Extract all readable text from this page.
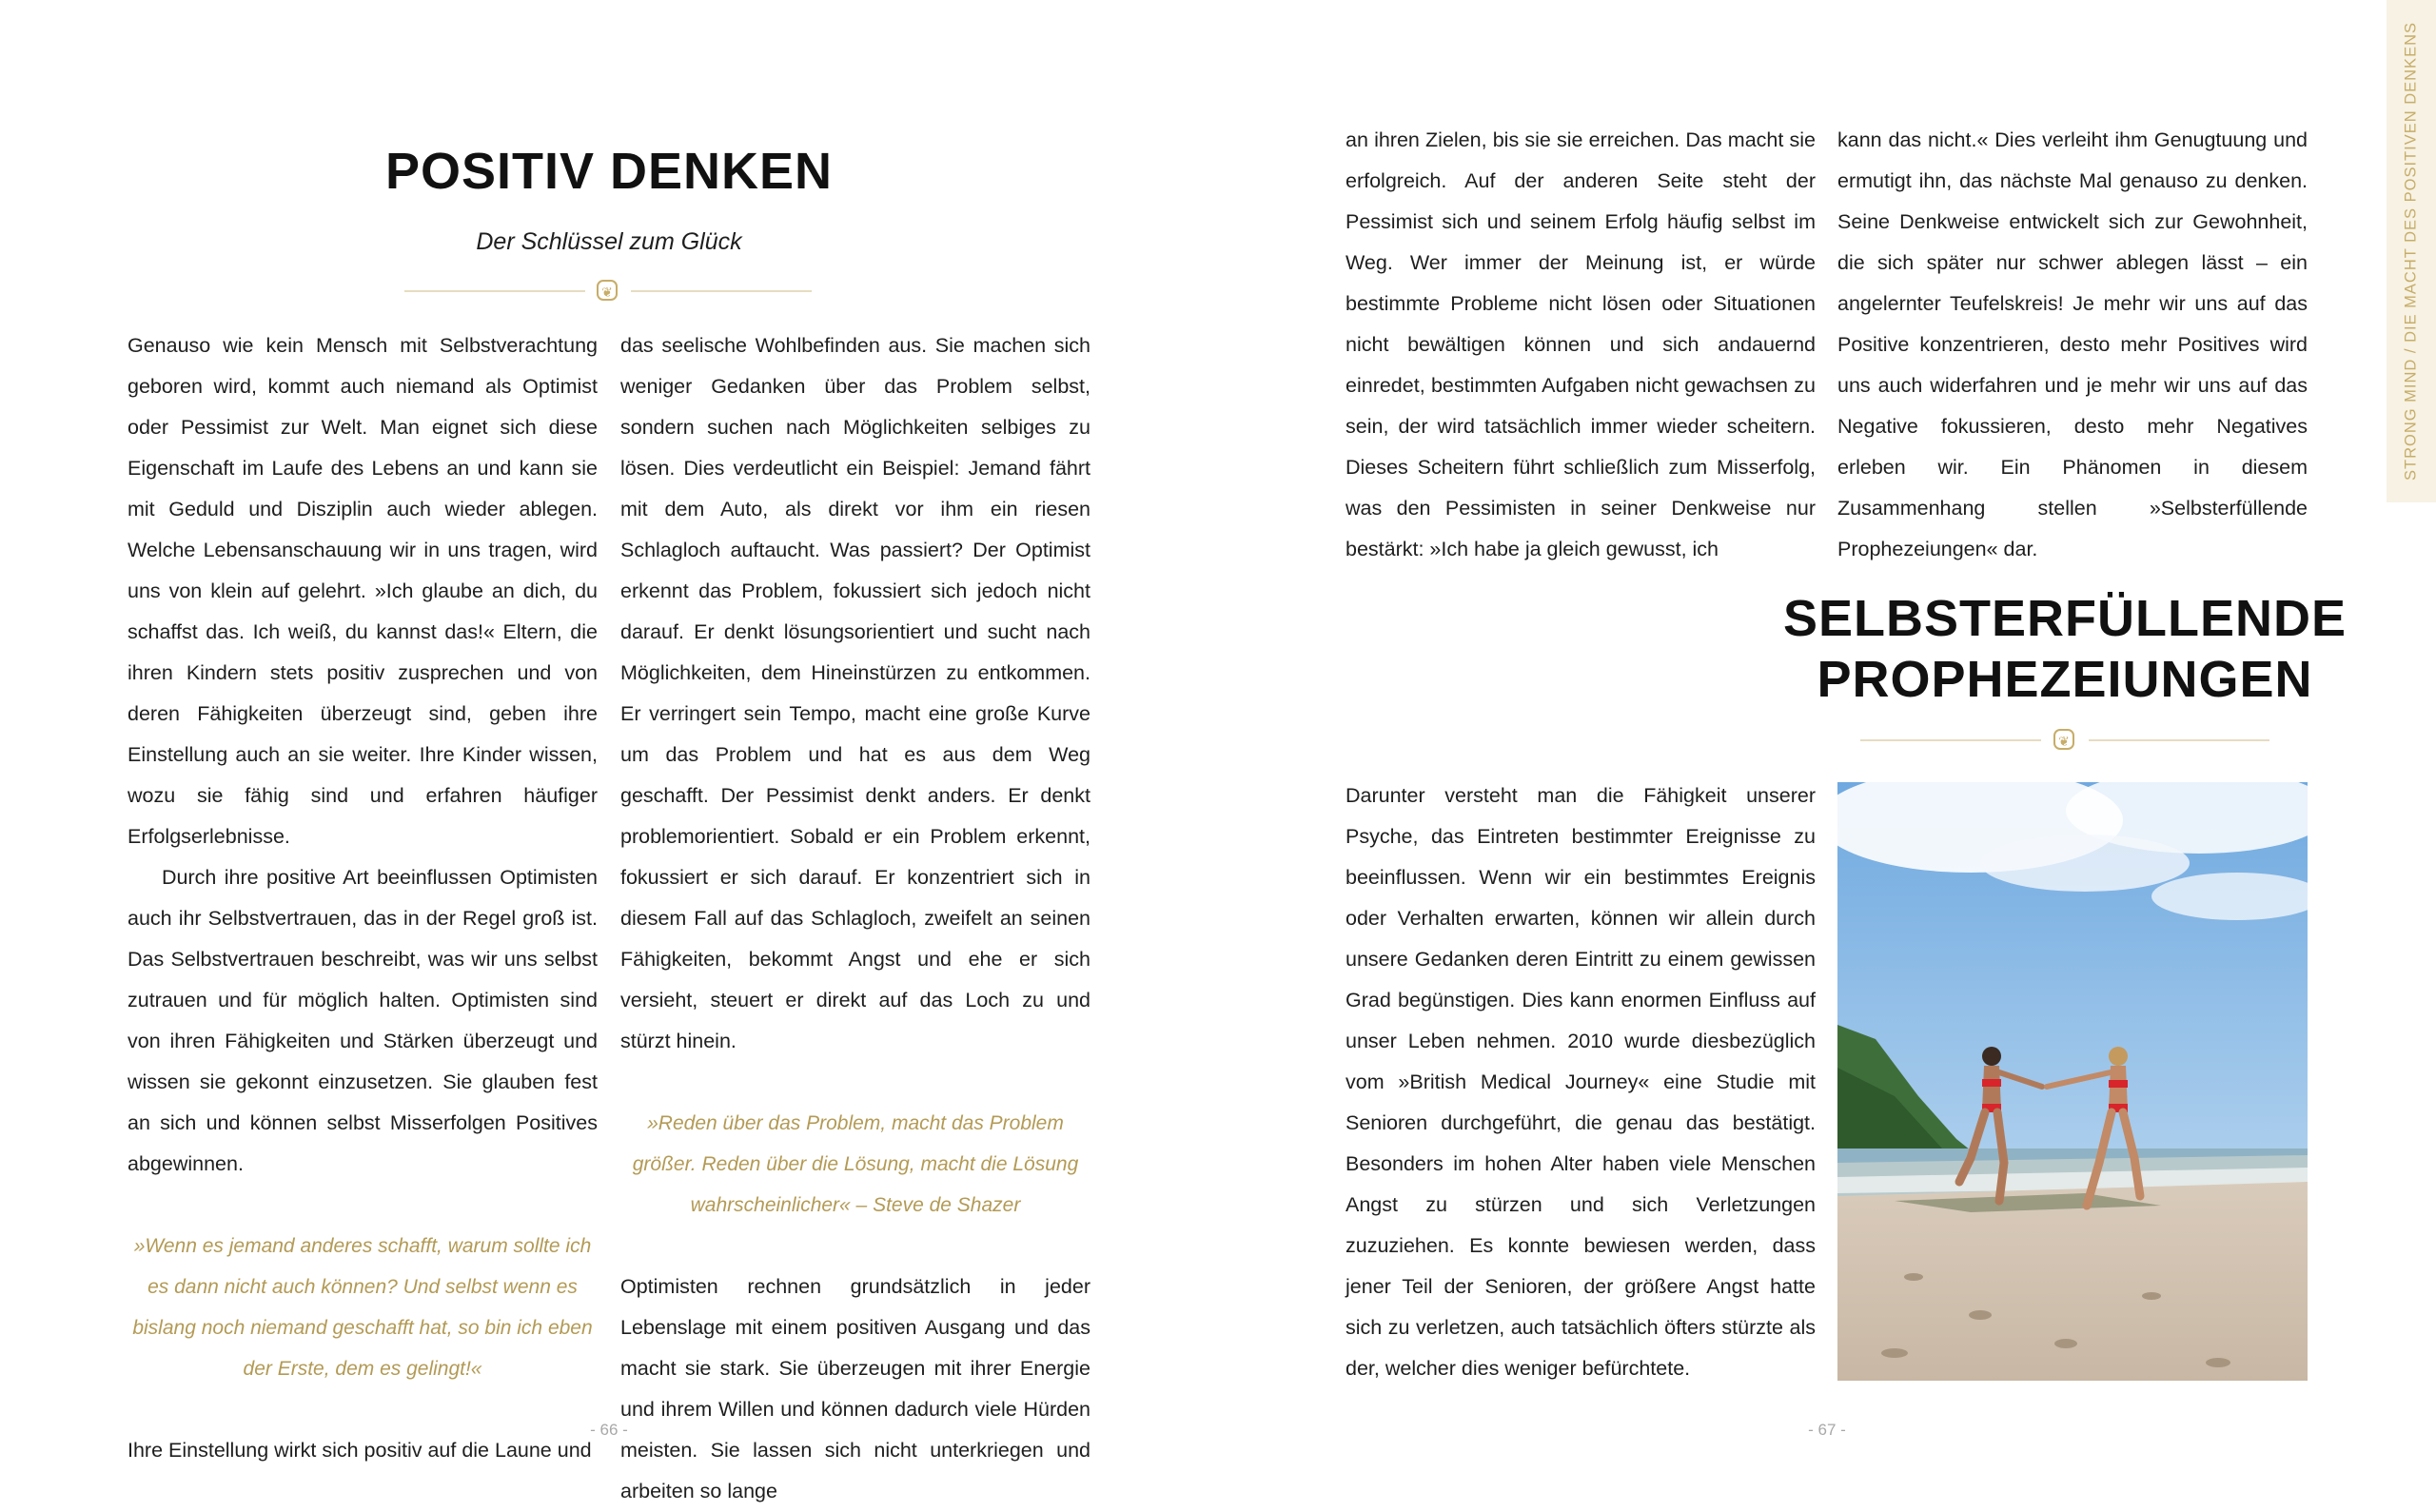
POSITIV DENKEN

Der Schlüssel zum Glück

❦

Genauso wie kein Mensch mit Selbstverachtung geboren wird, kommt auch niemand als Optimist oder Pessimist zur Welt. Man eignet sich diese Eigenschaft im Laufe des Lebens an und kann sie mit Geduld und Disziplin auch wieder ablegen. Welche Lebensanschauung wir in uns tragen, wird uns von klein auf gelehrt. »Ich glaube an dich, du schaffst das. Ich weiß, du kannst das!« Eltern, die ihren Kindern stets positiv zusprechen und von deren Fähigkeiten überzeugt sind, geben ihre Einstellung auch an sie weiter. Ihre Kinder wissen, wozu sie fähig sind und erfahren häufiger Erfolgserlebnisse.

Durch ihre positive Art beeinflussen Optimisten auch ihr Selbstvertrauen, das in der Regel groß ist. Das Selbstvertrauen beschreibt, was wir uns selbst zutrauen und für möglich halten. Optimisten sind von ihren Fähigkeiten und Stärken überzeugt und wissen sie gekonnt einzusetzen. Sie glauben fest an sich und können selbst Misserfolgen Positives abgewinnen.

»Wenn es jemand anderes schafft, warum sollte ich es dann nicht auch können? Und selbst wenn es bislang noch niemand geschafft hat, so bin ich eben der Erste, dem es gelingt!«

Ihre Einstellung wirkt sich positiv auf die Laune und

das seelische Wohlbefinden aus. Sie machen sich weniger Gedanken über das Problem selbst, sondern suchen nach Möglichkeiten selbiges zu lösen. Dies verdeutlicht ein Beispiel: Jemand fährt mit dem Auto, als direkt vor ihm ein riesen Schlagloch auftaucht. Was passiert? Der Optimist erkennt das Problem, fokussiert sich jedoch nicht darauf. Er denkt lösungsorientiert und sucht nach Möglichkeiten, dem Hineinstürzen zu entkommen. Er verringert sein Tempo, macht eine große Kurve um das Problem und hat es aus dem Weg geschafft. Der Pessimist denkt anders. Er denkt problemorientiert. Sobald er ein Problem erkennt, fokussiert er sich darauf. Er konzentriert sich in diesem Fall auf das Schlagloch, zweifelt an seinen Fähigkeiten, bekommt Angst und ehe er sich versieht, steuert er direkt auf das Loch zu und stürzt hinein.

»Reden über das Problem, macht das Problem größer. Reden über die Lösung, macht die Lösung wahrscheinlicher« – Steve de Shazer

Optimisten rechnen grundsätzlich in jeder Lebenslage mit einem positiven Ausgang und das macht sie stark. Sie überzeugen mit ihrer Energie und ihrem Willen und können dadurch viele Hürden meisten. Sie lassen sich nicht unterkriegen und arbeiten so lange

- 66 -

an ihren Zielen, bis sie sie erreichen. Das macht sie erfolgreich. Auf der anderen Seite steht der Pessimist sich und seinem Erfolg häufig selbst im Weg. Wer immer der Meinung ist, er würde bestimmte Probleme nicht lösen oder Situationen nicht bewältigen können und sich andauernd einredet, bestimmten Aufgaben nicht gewachsen zu sein, der wird tatsächlich immer wieder scheitern. Dieses Scheitern führt schließlich zum Misserfolg, was den Pessimisten in seiner Denkweise nur bestärkt: »Ich habe ja gleich gewusst, ich

kann das nicht.« Dies verleiht ihm Genugtuung und ermutigt ihn, das nächste Mal genauso zu denken. Seine Denkweise entwickelt sich zur Gewohnheit, die sich später nur schwer ablegen lässt – ein angelernter Teufelskreis! Je mehr wir uns auf das Positive konzentrieren, desto mehr Positives wird uns auch widerfahren und je mehr wir uns auf das Negative fokussieren, desto mehr Negatives erleben wir. Ein Phänomen in diesem Zusammenhang stellen »Selbsterfüllende Prophezeiungen« dar.

SELBSTERFÜLLENDE
PROPHEZEIUNGEN
❦

Darunter versteht man die Fähigkeit unserer Psyche, das Eintreten bestimmter Ereignisse zu beeinflussen. Wenn wir ein bestimmtes Ereignis oder Verhalten erwarten, können wir allein durch unsere Gedanken deren Eintritt zu einem gewissen Grad begünstigen. Dies kann enormen Einfluss auf unser Leben nehmen. 2010 wurde diesbezüglich vom »British Medical Journey« eine Studie mit Senioren durchgeführt, die genau das bestätigt. Besonders im hohen Alter haben viele Menschen Angst zu stürzen und sich Verletzungen zuzuziehen. Es konnte bewiesen werden, dass jener Teil der Senioren, der größere Angst hatte sich zu verletzen, auch tatsächlich öfters stürzte als der, welcher dies weniger befürchtete.

STRONG MIND / DIE MACHT DES POSITIVEN DENKENS

- 67 -
